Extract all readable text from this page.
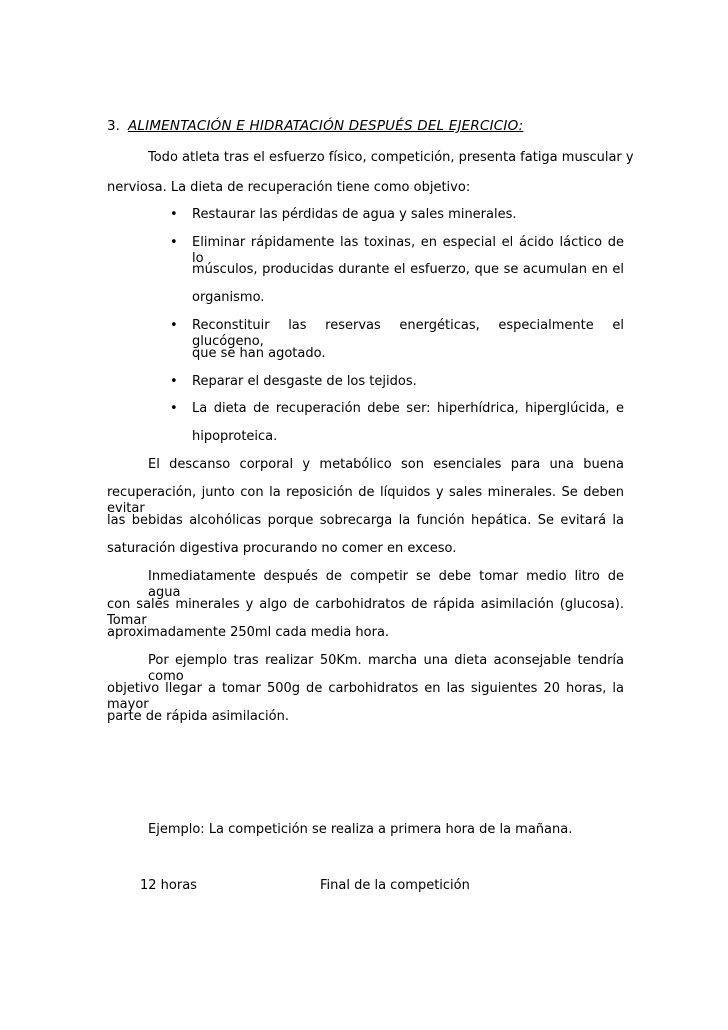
3. ALIMENTACIÓN E HIDRATACIÓN DESPUÉS DEL EJERCICIO:
Todo atleta tras el esfuerzo físico, competición, presenta fatiga muscular y
nerviosa. La dieta de recuperación tiene como objetivo:
• Restaurar las pérdidas de agua y sales minerales.
• Eliminar rápidamente las toxinas, en especial el ácido láctico de lo
músculos, producidas durante el esfuerzo, que se acumulan en el
organismo.
• Reconstituir las reservas energéticas, especialmente el glucógeno,
que se han agotado.
• Reparar el desgaste de los tejidos.
• La dieta de recuperación debe ser: hiperhídrica, hiperglúcida, e
hipoproteica.
El descanso corporal y metabólico son esenciales para una buena
recuperación, junto con la reposición de líquidos y sales minerales. Se deben evitar
las bebidas alcohólicas porque sobrecarga la función hepática. Se evitará la
saturación digestiva procurando no comer en exceso.
Inmediatamente después de competir se debe tomar medio litro de agua
con sales minerales y algo de carbohidratos de rápida asimilación (glucosa). Tomar
aproximadamente 250ml cada media hora.
Por ejemplo tras realizar 50Km. marcha una dieta aconsejable tendría como
objetivo llegar a tomar 500g de carbohidratos en las siguientes 20 horas, la mayor
parte de rápida asimilación.
Ejemplo: La competición se realiza a primera hora de la mañana.
12 horas	Final de la competición
